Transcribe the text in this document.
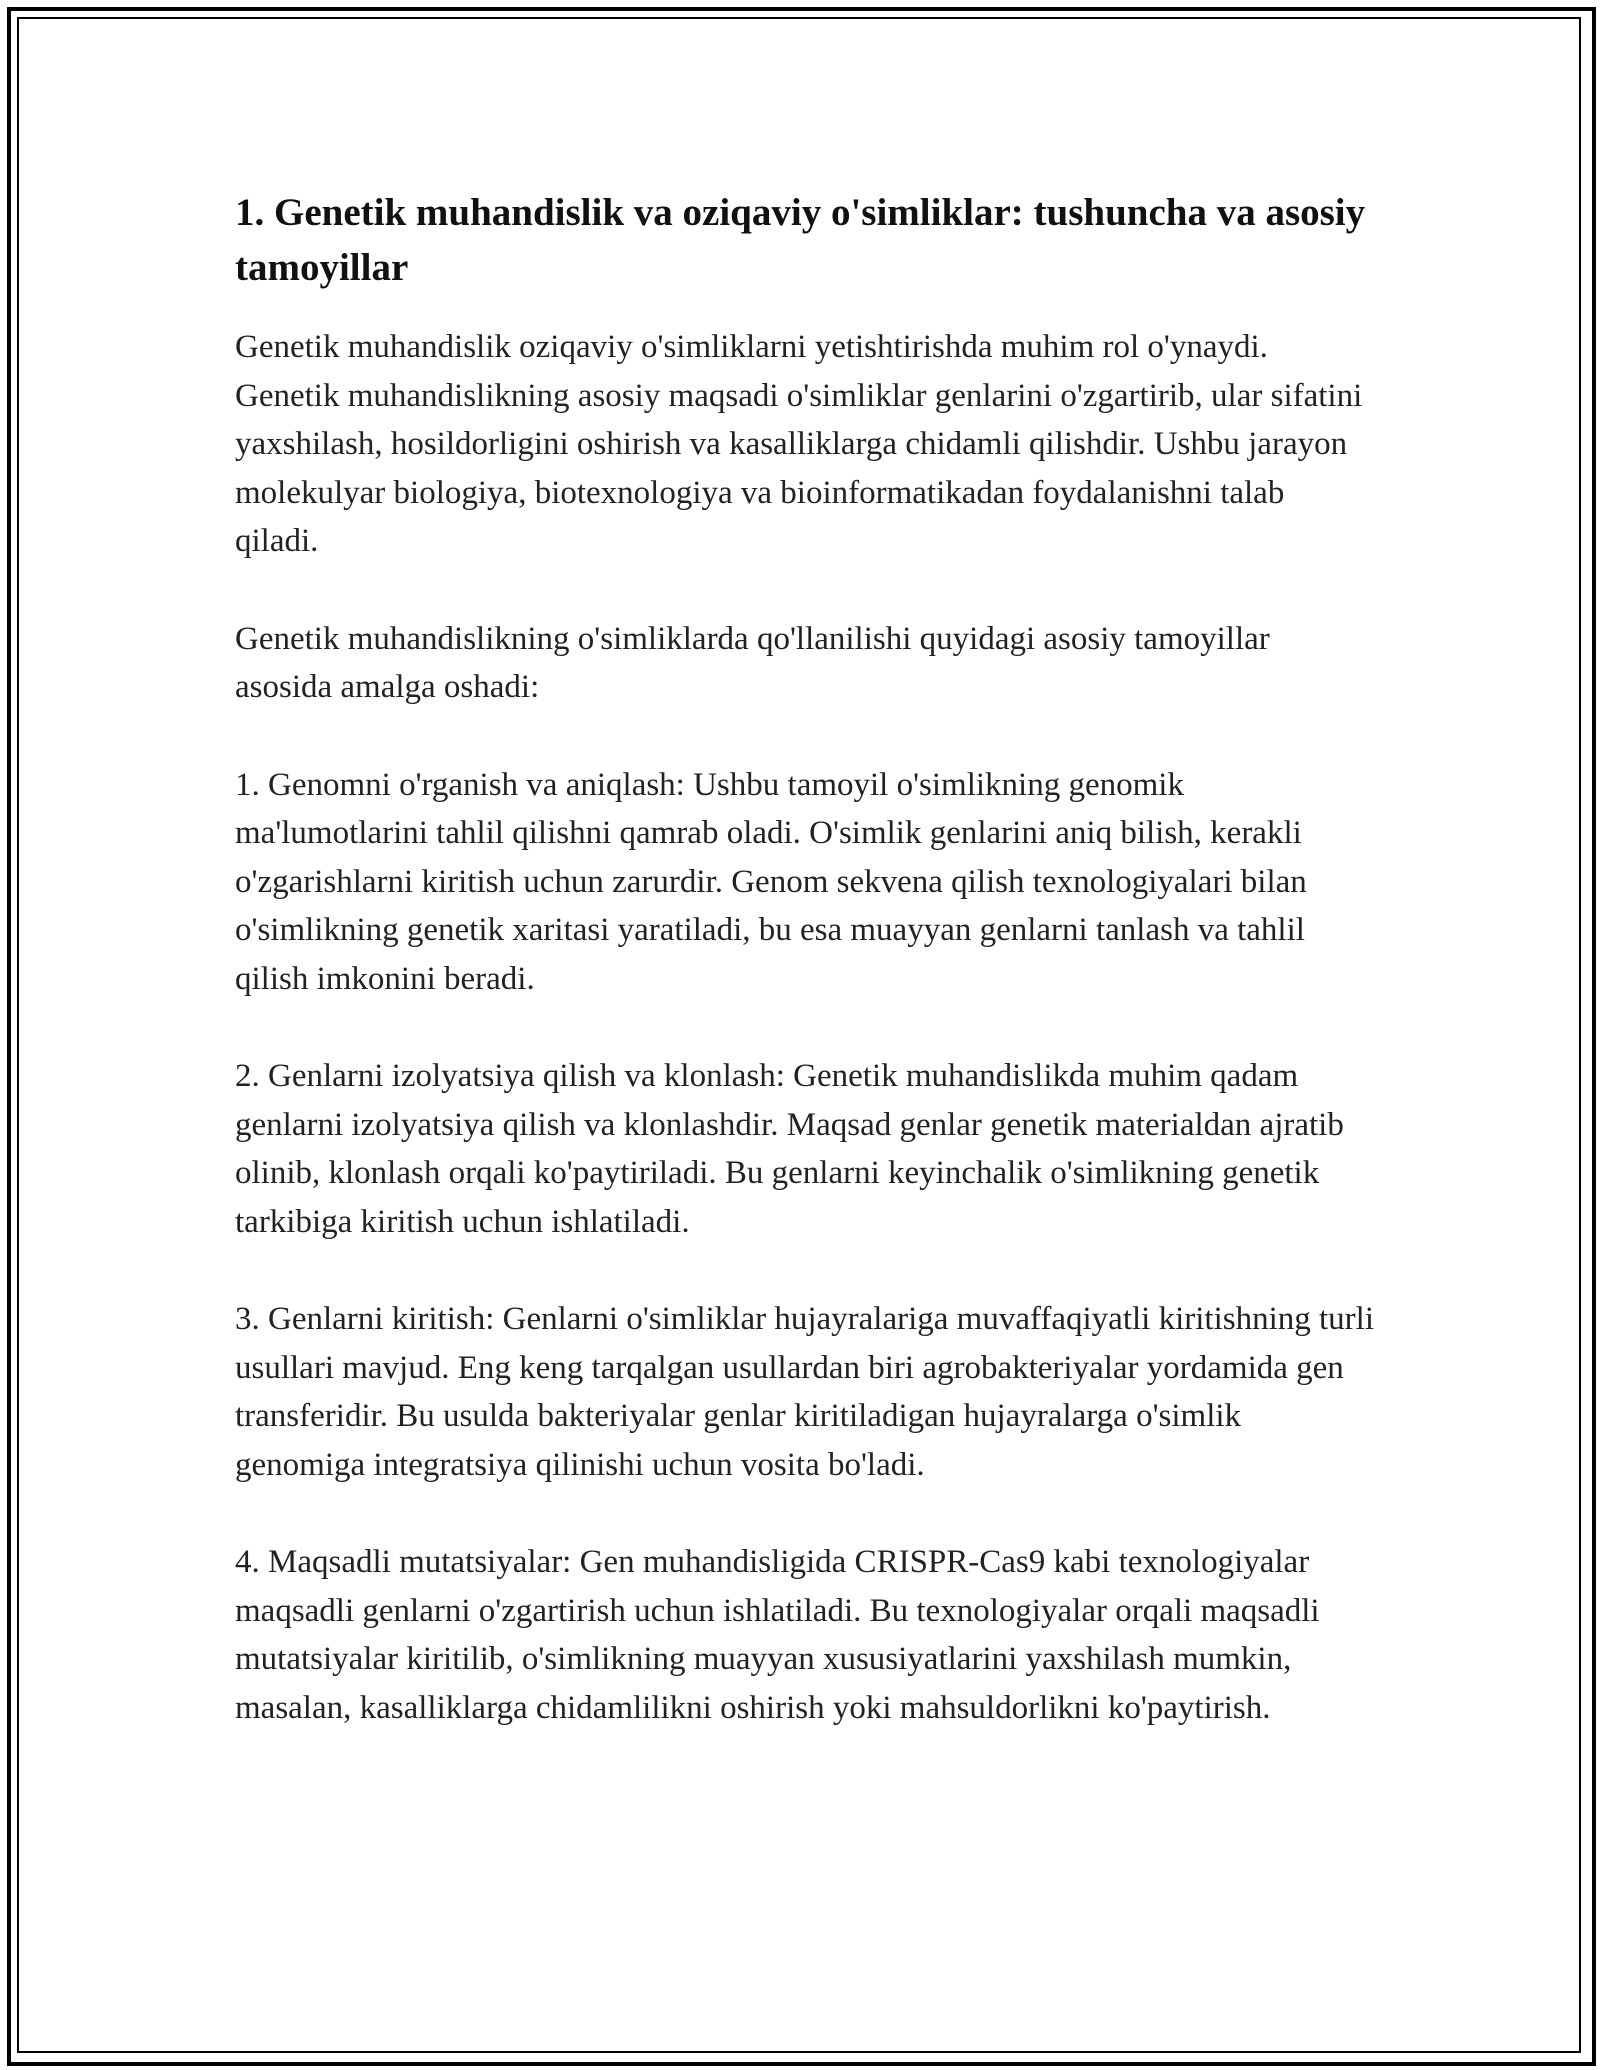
1. Genetik muhandislik va oziqaviy o'simliklar: tushuncha va asosiy tamoyillar

Genetik muhandislik oziqaviy o'simliklarni yetishtirishda muhim rol o'ynaydi. Genetik muhandislikning asosiy maqsadi o'simliklar genlarini o'zgartirib, ular sifatini yaxshilash, hosildorligini oshirish va kasalliklarga chidamli qilishdir. Ushbu jarayon molekulyar biologiya, biotexnologiya va bioinformatikadan foydalanishni talab qiladi.

Genetik muhandislikning o'simliklarda qo'llanilishi quyidagi asosiy tamoyillar asosida amalga oshadi:

1. Genomni o'rganish va aniqlash: Ushbu tamoyil o'simlikning genomik ma'lumotlarini tahlil qilishni qamrab oladi. O'simlik genlarini aniq bilish, kerakli o'zgarishlarni kiritish uchun zarurdir. Genom sekvena qilish texnologiyalari bilan o'simlikning genetik xaritasi yaratiladi, bu esa muayyan genlarni tanlash va tahlil qilish imkonini beradi.

2. Genlarni izolyatsiya qilish va klonlash: Genetik muhandislikda muhim qadam genlarni izolyatsiya qilish va klonlashdir. Maqsad genlar genetik materialdan ajratib olinib, klonlash orqali ko'paytiriladi. Bu genlarni keyinchalik o'simlikning genetik tarkibiga kiritish uchun ishlatiladi.

3. Genlarni kiritish: Genlarni o'simliklar hujayralariga muvaffaqiyatli kiritishning turli usullari mavjud. Eng keng tarqalgan usullardan biri agrobakteriyalar yordamida gen transferidir. Bu usulda bakteriyalar genlar kiritiladigan hujayralarga o'simlik genomiga integratsiya qilinishi uchun vosita bo'ladi.

4. Maqsadli mutatsiyalar: Gen muhandisligida CRISPR-Cas9 kabi texnologiyalar maqsadli genlarni o'zgartirish uchun ishlatiladi. Bu texnologiyalar orqali maqsadli mutatsiyalar kiritilib, o'simlikning muayyan xususiyatlarini yaxshilash mumkin, masalan, kasalliklarga chidamlilikni oshirish yoki mahsuldorlikni ko'paytirish.
